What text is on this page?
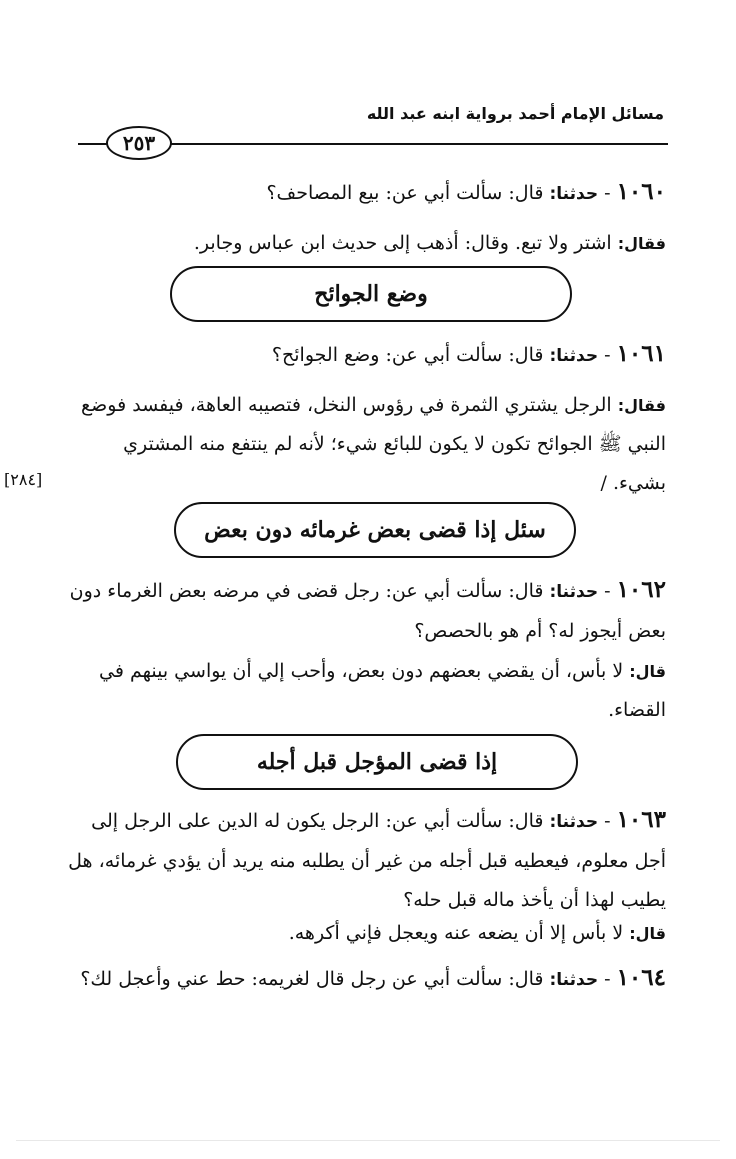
مسائل الإمام أحمد برواية ابنه عبد الله
٢٥٣
١٠٦٠ - حدثنا: قال: سألت أبي عن: بيع المصاحف؟
فقال: اشتر ولا تبع. وقال: أذهب إلى حديث ابن عباس وجابر.
وضع الجوائح
١٠٦١ - حدثنا: قال: سألت أبي عن: وضع الجوائح؟
فقال: الرجل يشتري الثمرة في رؤوس النخل، فتصيبه العاهة، فيفسد فوضع النبي ﷺ الجوائح تكون لا يكون للبائع شيء؛ لأنه لم ينتفع منه المشتري بشيء. /
[٢٨٤]
سئل إذا قضى بعض غرمائه دون بعض
١٠٦٢ - حدثنا: قال: سألت أبي عن: رجل قضى في مرضه بعض الغرماء دون بعض أيجوز له؟ أم هو بالحصص؟
قال: لا بأس، أن يقضي بعضهم دون بعض، وأحب إلي أن يواسي بينهم في القضاء.
إذا قضى المؤجل قبل أجله
١٠٦٣ - حدثنا: قال: سألت أبي عن: الرجل يكون له الدين على الرجل إلى أجل معلوم، فيعطيه قبل أجله من غير أن يطلبه منه يريد أن يؤدي غرمائه، هل يطيب لهذا أن يأخذ ماله قبل حله؟
قال: لا بأس إلا أن يضعه عنه ويعجل فإني أكرهه.
١٠٦٤ - حدثنا: قال: سألت أبي عن رجل قال لغريمه: حط عني وأعجل لك؟
